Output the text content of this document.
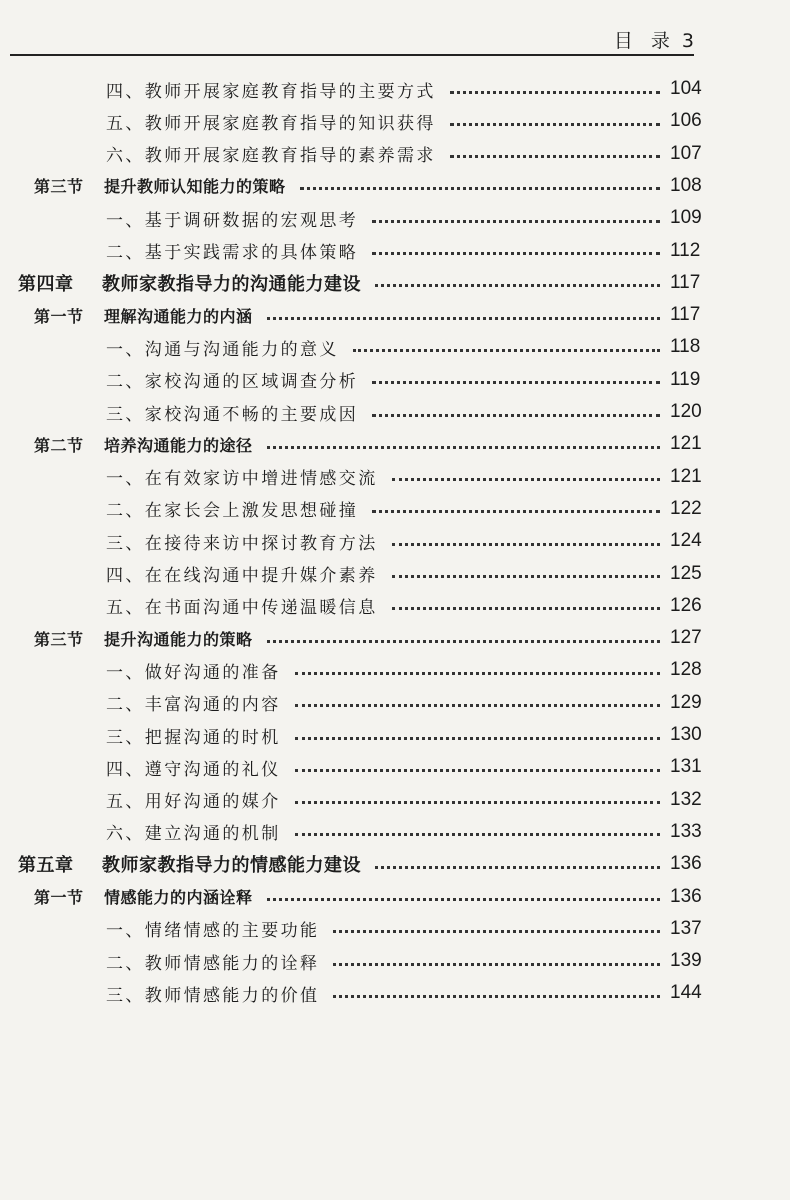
目 录 3
四、教师开展家庭教育指导的主要方式	104
五、教师开展家庭教育指导的知识获得	106
六、教师开展家庭教育指导的素养需求	107
第三节 提升教师认知能力的策略	108
一、基于调研数据的宏观思考	109
二、基于实践需求的具体策略	112
第四章 教师家教指导力的沟通能力建设	117
第一节 理解沟通能力的内涵	117
一、沟通与沟通能力的意义	118
二、家校沟通的区域调查分析	119
三、家校沟通不畅的主要成因	120
第二节 培养沟通能力的途径	121
一、在有效家访中增进情感交流	121
二、在家长会上激发思想碰撞	122
三、在接待来访中探讨教育方法	124
四、在在线沟通中提升媒介素养	125
五、在书面沟通中传递温暖信息	126
第三节 提升沟通能力的策略	127
一、做好沟通的准备	128
二、丰富沟通的内容	129
三、把握沟通的时机	130
四、遵守沟通的礼仪	131
五、用好沟通的媒介	132
六、建立沟通的机制	133
第五章 教师家教指导力的情感能力建设	136
第一节 情感能力的内涵诠释	136
一、情绪情感的主要功能	137
二、教师情感能力的诠释	139
三、教师情感能力的价值	144
